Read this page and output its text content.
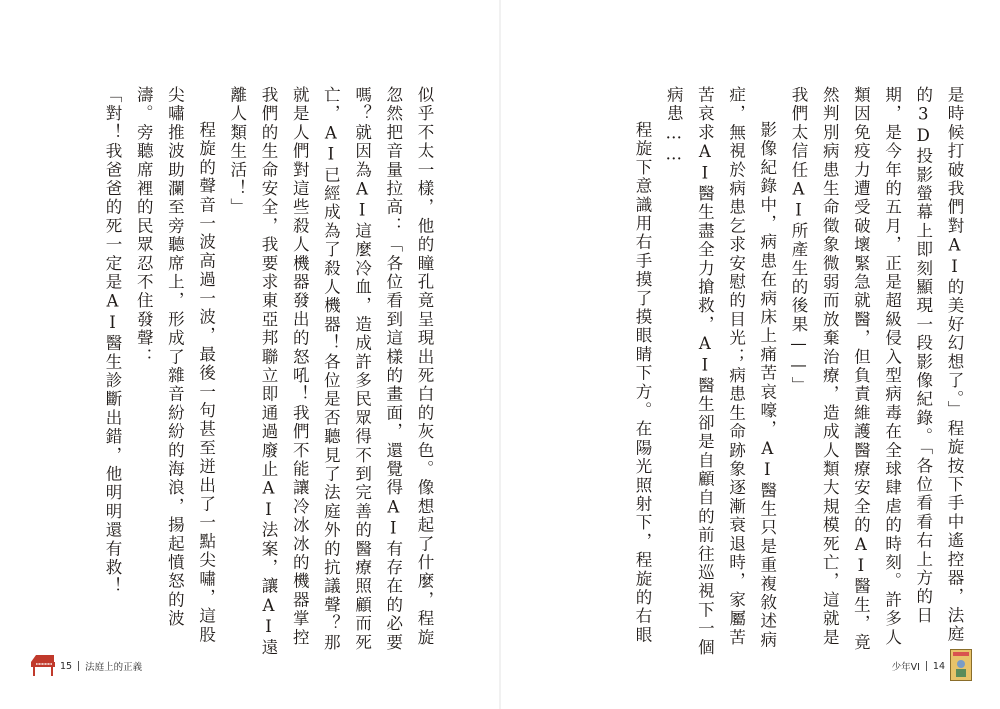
似乎不太一樣，他的瞳孔竟呈現出死白的灰色。像想起了什麼，程旋
忽然把音量拉高：「各位看到這樣的畫面，還覺得AI有存在的必要
嗎？就因為AI這麼冷血，造成許多民眾得不到完善的醫療照顧而死
亡，AI已經成為了殺人機器！各位是否聽見了法庭外的抗議聲？那
就是人們對這些殺人機器發出的怒吼！我們不能讓冷冰冰的機器掌控
我們的生命安全，我要求東亞邦聯立即通過廢止AI法案，讓AI遠
離人類生活！」
程旋的聲音一波高過一波，最後一句甚至迸出了一點尖嘯，這股
尖嘯推波助瀾至旁聽席上，形成了雜音紛紛的海浪，揚起憤怒的波
濤。旁聽席裡的民眾忍不住發聲：
「對！我爸爸的死一定是AI醫生診斷出錯，他明明還有救！
15 法庭上的正義
是時候打破我們對AI的美好幻想了。」程旋按下手中遙控器，法庭
的3D投影螢幕上即刻顯現一段影像紀錄。「各位看看右上方的日
期，是今年的五月，正是超級侵入型病毒在全球肆虐的時刻。許多人
類因免疫力遭受破壞緊急就醫，但負責維護醫療安全的AI醫生，竟
然判別病患生命徵象微弱而放棄治療，造成人類大規模死亡，這就是
我們太信任AI所產生的後果——」
影像紀錄中，病患在病床上痛苦哀嚎，AI醫生只是重複敘述病
症，無視於病患乞求安慰的目光；病患生命跡象逐漸衰退時，家屬苦
苦哀求AI醫生盡全力搶救，AI醫生卻是自顧自的前往巡視下一個
病患……
程旋下意識用右手摸了摸眼睛下方。在陽光照射下，程旋的右眼
少年VI 14
